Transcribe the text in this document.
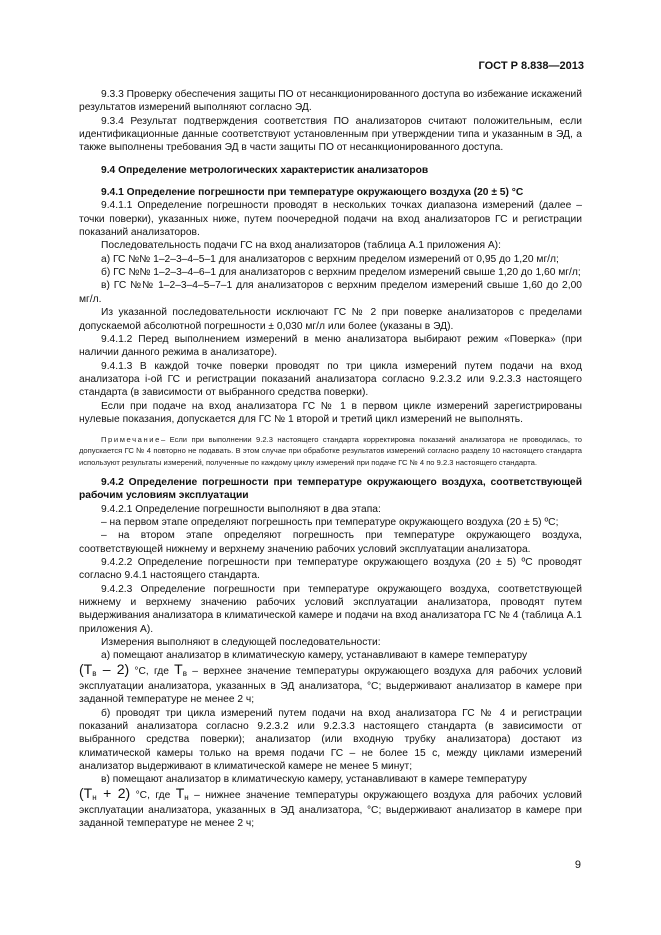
ГОСТ Р 8.838—2013

9.3.3 Проверку обеспечения защиты ПО от несанкционированного доступа во избежание искажений результатов измерений выполняют согласно ЭД.

9.3.4 Результат подтверждения соответствия ПО анализаторов считают положительным, если идентификационные данные соответствуют установленным при утверждении типа и указанным в ЭД, а также выполнены требования ЭД в части защиты ПО от несанкционированного доступа.

9.4 Определение метрологических характеристик анализаторов

9.4.1 Определение погрешности при температуре окружающего воздуха (20 ± 5) °С

9.4.1.1 Определение погрешности проводят в нескольких точках диапазона измерений (далее – точки поверки), указанных ниже, путем поочередной подачи на вход анализаторов ГС и регистрации показаний анализаторов.

Последовательность подачи ГС на вход анализаторов (таблица А.1 приложения А):

а) ГС №№ 1–2–3–4–5–1 для анализаторов с верхним пределом измерений от 0,95 до 1,20 мг/л;

б) ГС №№ 1–2–3–4–6–1 для анализаторов с верхним пределом измерений свыше 1,20 до 1,60 мг/л;

в) ГС №№ 1–2–3–4–5–7–1 для анализаторов с верхним пределом измерений свыше 1,60 до 2,00 мг/л.

Из указанной последовательности исключают ГС № 2 при поверке анализаторов с пределами допускаемой абсолютной погрешности ± 0,030 мг/л или более (указаны в ЭД).

9.4.1.2 Перед выполнением измерений в меню анализатора выбирают режим «Поверка» (при наличии данного режима в анализаторе).

9.4.1.3 В каждой точке поверки проводят по три цикла измерений путем подачи на вход анализатора i-ой ГС и регистрации показаний анализатора согласно 9.2.3.2 или 9.2.3.3 настоящего стандарта (в зависимости от выбранного средства поверки).

Если при подаче на вход анализатора ГС № 1 в первом цикле измерений зарегистрированы нулевые показания, допускается для ГС № 1 второй и третий цикл измерений не выполнять.

Примечание– Если при выполнении 9.2.3 настоящего стандарта корректировка показаний анализатора не проводилась, то допускается ГС № 4 повторно не подавать. В этом случае при обработке результатов измерений согласно разделу 10 настоящего стандарта используют результаты измерений, полученные по каждому циклу измерений при подаче ГС № 4 по 9.2.3 настоящего стандарта.

9.4.2 Определение погрешности при температуре окружающего воздуха, соответствующей рабочим условиям эксплуатации

9.4.2.1 Определение погрешности выполняют в два этапа:

– на первом этапе определяют погрешность при температуре окружающего воздуха (20 ± 5) ºС;

– на втором этапе определяют погрешность при температуре окружающего воздуха, соответствующей нижнему и верхнему значению рабочих условий эксплуатации анализатора.

9.4.2.2 Определение погрешности при температуре окружающего воздуха (20 ± 5) ºС проводят согласно 9.4.1 настоящего стандарта.

9.4.2.3 Определение погрешности при температуре окружающего воздуха, соответствующей нижнему и верхнему значению рабочих условий эксплуатации анализатора, проводят путем выдерживания анализатора в климатической камере и подачи на вход анализатора ГС № 4 (таблица А.1 приложения А).

Измерения выполняют в следующей последовательности:

а) помещают анализатор в климатическую камеру, устанавливают в камере температуру
$(Т_в - 2)$ °С, где $Т_в$ – верхнее значение температуры окружающего воздуха для рабочих условий эксплуатации анализатора, указанных в ЭД анализатора, °С; выдерживают анализатор в камере при заданной температуре не менее 2 ч;

б) проводят три цикла измерений путем подачи на вход анализатора ГС № 4 и регистрации показаний анализатора согласно 9.2.3.2 или 9.2.3.3 настоящего стандарта (в зависимости от выбранного средства поверки); анализатор (или входную трубку анализатора) достают из климатической камеры только на время подачи ГС – не более 15 с, между циклами измерений анализатор выдерживают в климатической камере не менее 5 минут;

в) помещают анализатор в климатическую камеру, устанавливают в камере температуру
$(Т_н + 2)$ °С, где $Т_н$ – нижнее значение температуры окружающего воздуха для рабочих условий эксплуатации анализатора, указанных в ЭД анализатора, °С; выдерживают анализатор в камере при заданной температуре не менее 2 ч;

9
